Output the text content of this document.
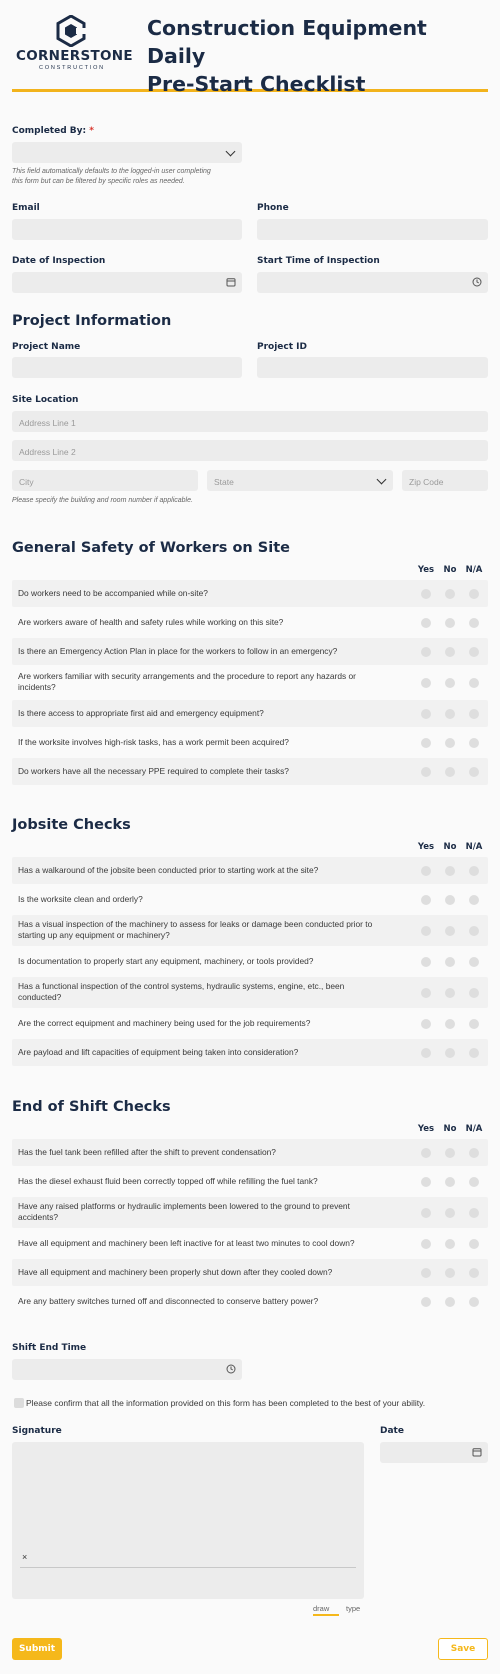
CORNERSTONE
CONSTRUCTION
Construction Equipment Daily
Pre-Start Checklist
Completed By: *
This field automatically defaults to the logged-in user completing
this form but can be filtered by specific roles as needed.
Email	Phone
Date of Inspection	Start Time of Inspection
Project Information
Project Name	Project ID
Site Location
Address Line 1
Address Line 2
City	State	Zip Code
Please specify the building and room number if applicable.
General Safety of Workers on Site
Yes	No	N/A
Do workers need to be accompanied while on-site?
Are workers aware of health and safety rules while working on this site?
Is there an Emergency Action Plan in place for the workers to follow in an emergency?
Are workers familiar with security arrangements and the procedure to report any hazards or incidents?
Is there access to appropriate first aid and emergency equipment?
If the worksite involves high-risk tasks, has a work permit been acquired?
Do workers have all the necessary PPE required to complete their tasks?
Jobsite Checks
Yes	No	N/A
Has a walkaround of the jobsite been conducted prior to starting work at the site?
Is the worksite clean and orderly?
Has a visual inspection of the machinery to assess for leaks or damage been conducted prior to starting up any equipment or machinery?
Is documentation to properly start any equipment, machinery, or tools provided?
Has a functional inspection of the control systems, hydraulic systems, engine, etc., been conducted?
Are the correct equipment and machinery being used for the job requirements?
Are payload and lift capacities of equipment being taken into consideration?
End of Shift Checks
Yes	No	N/A
Has the fuel tank been refilled after the shift to prevent condensation?
Has the diesel exhaust fluid been correctly topped off while refilling the fuel tank?
Have any raised platforms or hydraulic implements been lowered to the ground to prevent accidents?
Have all equipment and machinery been left inactive for at least two minutes to cool down?
Have all equipment and machinery been properly shut down after they cooled down?
Are any battery switches turned off and disconnected to conserve battery power?
Shift End Time
Please confirm that all the information provided on this form has been completed to the best of your ability.
Signature
×
draw type
Date
Submit	Save
